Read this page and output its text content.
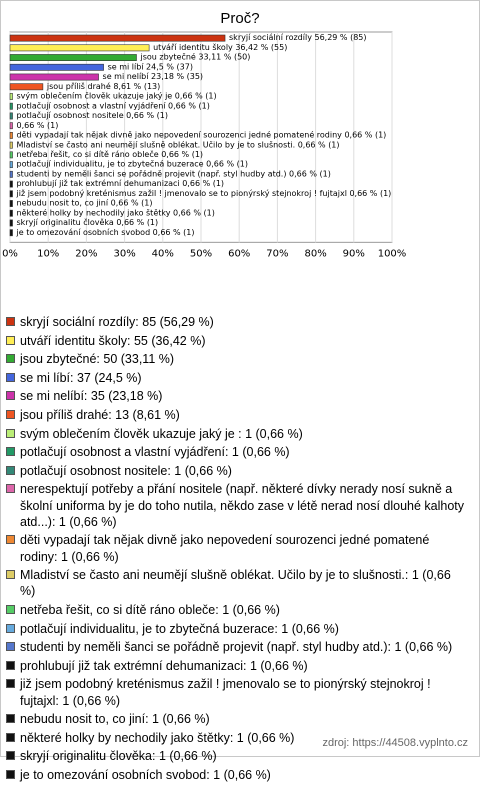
Proč?
skryjí sociální rozdíly 56,29 % (85)
utváří identitu školy 36,42 % (55)
jsou zbytečné 33,11 % (50)
se mi líbí 24,5 % (37)
se mi nelíbí 23,18 % (35)
jsou příliš drahé 8,61 % (13)
svým oblečením člověk ukazuje jaký je 0,66 % (1)
potlačují osobnost a vlastní vyjádření 0,66 % (1)
potlačují osobnost nositele 0,66 % (1)
0,66 % (1)
děti vypadají tak nějak divně jako nepovedení sourozenci jedné pomatené rodiny 0,66 % (1)
Mladiství se často ani neumějí slušně oblékat. Učilo by je to slušnosti. 0,66 % (1)
netřeba řešit, co si dítě ráno obleče 0,66 % (1)
potlačují individualitu, je to zbytečná buzerace 0,66 % (1)
studenti by neměli šanci se pořádně projevit (např. styl hudby atd.) 0,66 % (1)
prohlubují již tak extrémní dehumanizaci 0,66 % (1)
již jsem podobný kreténismus zažil ! jmenovalo se to pionýrský stejnokroj ! fujtajxl 0,66 % (1)
nebudu nosit to, co jiní 0,66 % (1)
některé holky by nechodily jako štětky 0,66 % (1)
skryjí originalitu člověka 0,66 % (1)
je to omezování osobních svobod 0,66 % (1)
0% 10% 20% 30% 40% 50% 60% 70% 80% 90% 100%
skryjí sociální rozdíly: 85 (56,29 %)
utváří identitu školy: 55 (36,42 %)
jsou zbytečné: 50 (33,11 %)
se mi líbí: 37 (24,5 %)
se mi nelíbí: 35 (23,18 %)
jsou příliš drahé: 13 (8,61 %)
svým oblečením člověk ukazuje jaký je : 1 (0,66 %)
potlačují osobnost a vlastní vyjádření: 1 (0,66 %)
potlačují osobnost nositele: 1 (0,66 %)
nerespektují potřeby a přání nositele (např. některé dívky nerady nosí sukně a školní uniforma by je do toho nutila, někdo zase v létě nerad nosí dlouhé kalhoty atd...): 1 (0,66 %)
děti vypadají tak nějak divně jako nepovedení sourozenci jedné pomatené rodiny: 1 (0,66 %)
Mladiství se často ani neumějí slušně oblékat. Učilo by je to slušnosti.: 1 (0,66 %)
netřeba řešit, co si dítě ráno obleče: 1 (0,66 %)
potlačují individualitu, je to zbytečná buzerace: 1 (0,66 %)
studenti by neměli šanci se pořádně projevit (např. styl hudby atd.): 1 (0,66 %)
prohlubují již tak extrémní dehumanizaci: 1 (0,66 %)
již jsem podobný kreténismus zažil ! jmenovalo se to pionýrský stejnokroj ! fujtajxl: 1 (0,66 %)
nebudu nosit to, co jiní: 1 (0,66 %)
některé holky by nechodily jako štětky: 1 (0,66 %)
skryjí originalitu člověka: 1 (0,66 %)
je to omezování osobních svobod: 1 (0,66 %)	zdroj: https://44508.vyplnto.cz
